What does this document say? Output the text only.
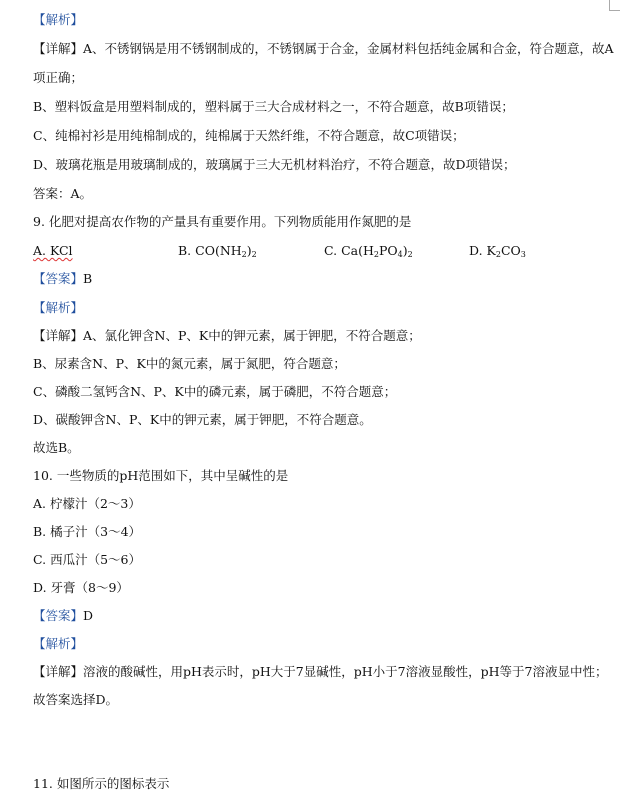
【解析】
【详解】A、不锈钢锅是用不锈钢制成的，不锈钢属于合金，金属材料包括纯金属和合金，符合题意，故A
项正确；
B、塑料饭盒是用塑料制成的，塑料属于三大合成材料之一，不符合题意，故B项错误；
C、纯棉衬衫是用纯棉制成的，纯棉属于天然纤维，不符合题意，故C项错误；
D、玻璃花瓶是用玻璃制成的，玻璃属于三大无机材料治疗，不符合题意，故D项错误；
答案：A。
9. 化肥对提高农作物的产量具有重要作用。下列物质能用作氮肥的是
A. KCl	B. $CO(NH_2)_2$	C. $Ca(H_2PO_4)_2$	D. $K_2CO_3$
【答案】B
【解析】
【详解】A、氯化钾含N、P、K中的钾元素，属于钾肥，不符合题意；
B、尿素含N、P、K中的氮元素，属于氮肥，符合题意；
C、磷酸二氢钙含N、P、K中的磷元素，属于磷肥，不符合题意；
D、碳酸钾含N、P、K中的钾元素，属于钾肥，不符合题意。
故选B。
10. 一些物质的pH范围如下，其中呈碱性的是
A. 柠檬汁（2～3）
B. 橘子汁（3～4）
C. 西瓜汁（5～6）
D. 牙膏（8～9）
【答案】D
【解析】
【详解】溶液的酸碱性，用pH表示时，pH大于7显碱性，pH小于7溶液显酸性，pH等于7溶液显中性；
故答案选择D。
11. 如图所示的图标表示
